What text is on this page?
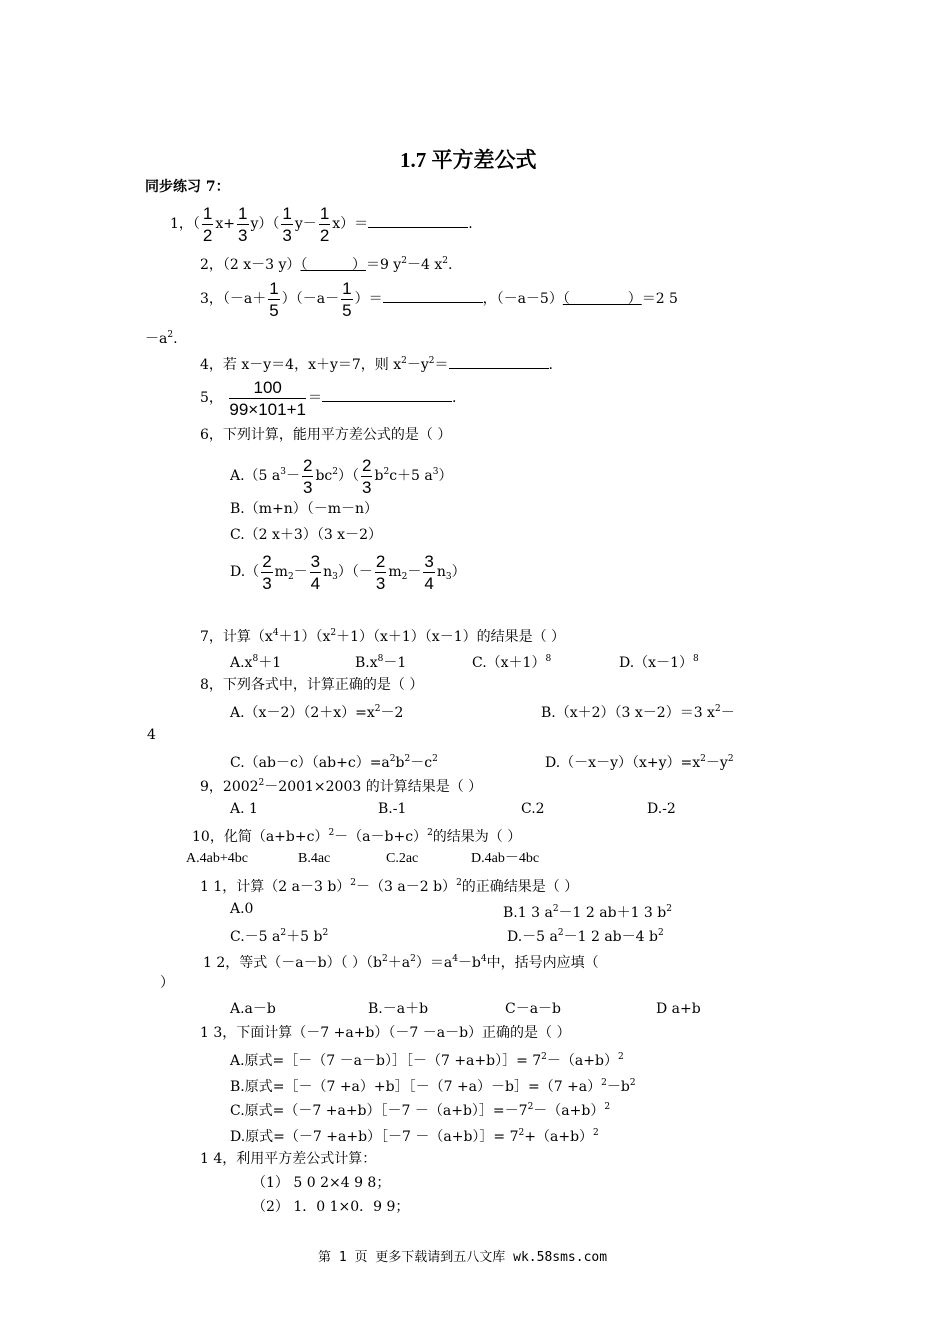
1.7 平方差公式
同步练习 7：
1，（ $\frac{1}{2} x+ \frac{1}{3} y)( \frac{1}{3} y- \frac{1}{2} x)=$	.
2，（2 x－3 y）（          ）＝9 $y^2-4$ $x^2$.
3，$(-a+ \frac{1}{5} )(-a- \frac{1}{5}$ ）＝	，（－a－5）（             ）＝2 5
$-a^2$.
4，若 x－y＝4，x＋y＝7，则 $x^2-y^2=$	.
5， $\frac{100}{99\times 101+1}$ ＝	.
6，下列计算，能用平方差公式的是（ ）
A.（5 $a^3- \frac{2}{3} bc^2)( \frac{2}{3} b^2c+5$ $a^3$）
B.（m+n）（－m－n）
C.（2 x＋3）（3 x－2）
$D.( \frac{2}{3} m_2- \frac{3}{4} n_3)(- \frac{2}{3} m_2- \frac{3}{4} n_3)$
7，计算$(x^4+1)(x^2+1)(x+1)(x-1)$的结果是（ ）
$A.x^8+1$	$B.x^8-1$	$C.(x+1)^8$	$D.(x-1)^8$
8，下列各式中，计算正确的是（ ）
$A.(x-2)(2+x)=x^2-2$	B.（x＋2）（3 x－2）＝3 $x^2-$
4
$C.(ab-c)(ab+c)=a^2b^2-c^2$	$D.(-x-y)(x+y)=x^2-y^2$
9，$2002^2-2001\times 2003$ 的计算结果是（ ）
A. 1	B.-1	C.2	D.-2
10，化简$(a+b+c)^2-(a-b+c)^2$的结果为（ ）
A.4ab+4bc	B.4ac	C.2ac	D.4ab－4bc
1 1，计算（2 a－3 b）$^2$－（3 a－2 b）$^2$的正确结果是（ ）
A.0	B.1 3 $a^2-1$ 2 ab＋1 3 $b^2$
C.－5 $a^2+5$ $b^2$	D.－5 $a^2-1$ 2 ab－4 $b^2$
1 2，等式（－a－b）（ ）$(b^2+a^2)=a^4-b^4$中，括号内应填（
）
A.a－b	B.－a＋b	C－a－b	D a+b
1 3，下面计算（－7 +a+b）（－7 －a－b）正确的是（ ）
A.原式=［－（7 －a－b）］［－（7 +a+b）］= $7^2-(a+b)^2$
B.原式=［－（7 +a）+b］［－（7 +a）－b］=（7 $+a)^2-b^2$
C.原式=（－7 +a+b）［－7 $-(a+b)]=-7^2-(a+b)^2$
D.原式=（－7 +a+b）［－7 －（a+b）］= $7^2+(a+b)^2$
1 4，利用平方差公式计算：
（1） 5 0 2×4 9 8；
（2） 1．0 1×0．9 9；
第 1 页 更多下载请到五八文库 wk.58sms.com
